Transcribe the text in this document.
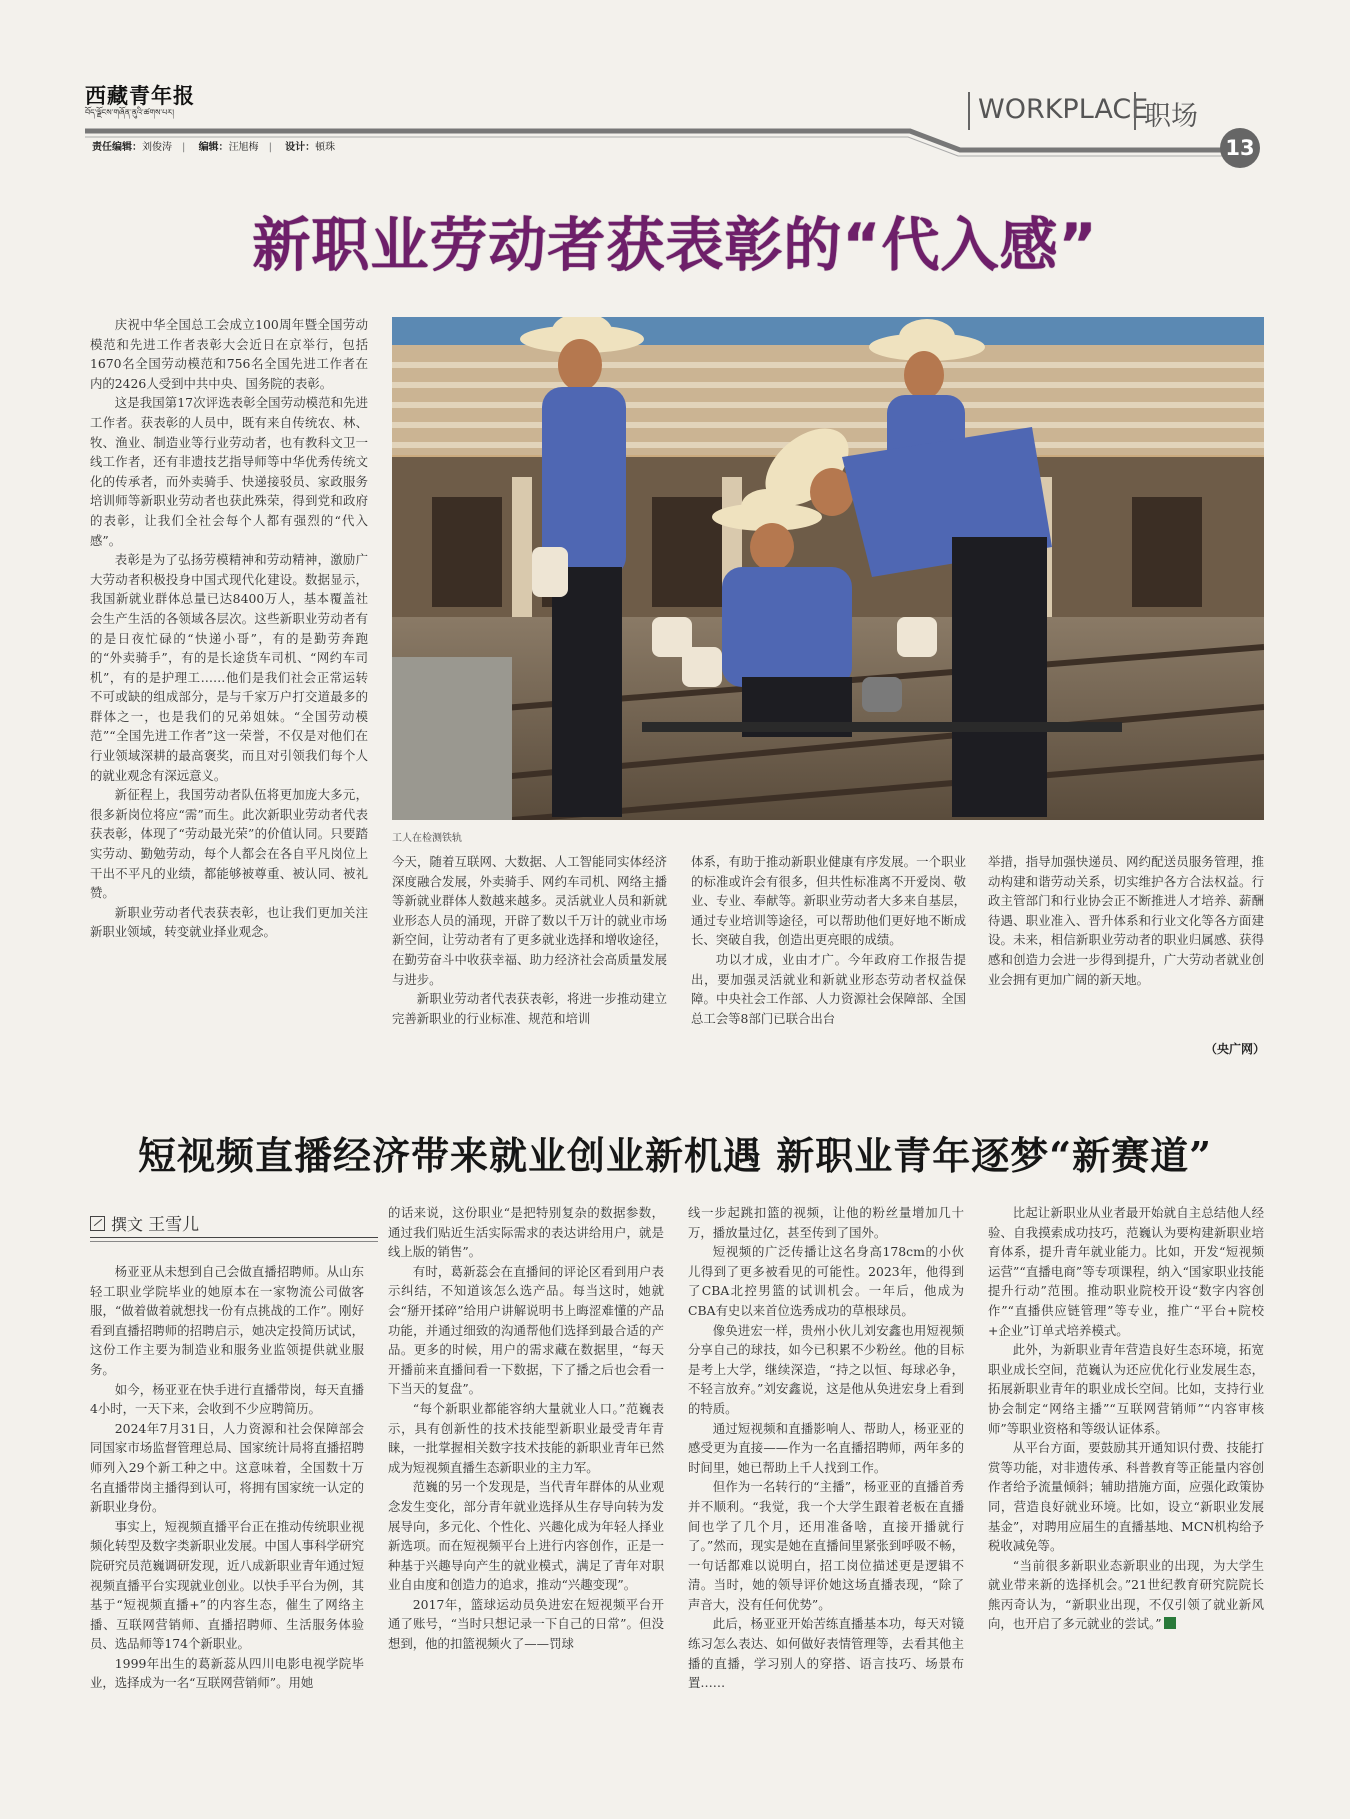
西藏青年报
བོད་ལྗོངས་གཞོན་ནུའི་ཚགས་པར།
责任编辑：刘俊涛 | 编辑：汪旭梅 | 设计：頓珠
WORKPLACE
职场
13
新职业劳动者获表彰的“代入感”

庆祝中华全国总工会成立100周年暨全国劳动模范和先进工作者表彰大会近日在京举行，包括1670名全国劳动模范和756名全国先进工作者在内的2426人受到中共中央、国务院的表彰。

这是我国第17次评选表彰全国劳动模范和先进工作者。获表彰的人员中，既有来自传统农、林、牧、渔业、制造业等行业劳动者，也有教科文卫一线工作者，还有非遗技艺指导师等中华优秀传统文化的传承者，而外卖骑手、快递接驳员、家政服务培训师等新职业劳动者也获此殊荣，得到党和政府的表彰，让我们全社会每个人都有强烈的“代入感”。

表彰是为了弘扬劳模精神和劳动精神，激励广大劳动者积极投身中国式现代化建设。数据显示，我国新就业群体总量已达8400万人，基本覆盖社会生产生活的各领域各层次。这些新职业劳动者有的是日夜忙碌的“快递小哥”，有的是勤劳奔跑的“外卖骑手”，有的是长途货车司机、“网约车司机”，有的是护理工……他们是我们社会正常运转不可或缺的组成部分，是与千家万户打交道最多的群体之一，也是我们的兄弟姐妹。“全国劳动模范”“全国先进工作者”这一荣誉，不仅是对他们在行业领域深耕的最高褒奖，而且对引领我们每个人的就业观念有深远意义。

新征程上，我国劳动者队伍将更加庞大多元，很多新岗位将应“需”而生。此次新职业劳动者代表获表彰，体现了“劳动最光荣”的价值认同。只要踏实劳动、勤勉劳动，每个人都会在各自平凡岗位上干出不平凡的业绩，都能够被尊重、被认同、被礼赞。

新职业劳动者代表获表彰，也让我们更加关注新职业领域，转变就业择业观念。

工人在检测铁轨

今天，随着互联网、大数据、人工智能同实体经济深度融合发展，外卖骑手、网约车司机、网络主播等新就业群体人数越来越多。灵活就业人员和新就业形态人员的涌现，开辟了数以千万计的就业市场新空间，让劳动者有了更多就业选择和增收途径，在勤劳奋斗中收获幸福、助力经济社会高质量发展与进步。

新职业劳动者代表获表彰，将进一步推动建立完善新职业的行业标准、规范和培训

体系，有助于推动新职业健康有序发展。一个职业的标准或许会有很多，但共性标准离不开爱岗、敬业、专业、奉献等。新职业劳动者大多来自基层，通过专业培训等途径，可以帮助他们更好地不断成长、突破自我，创造出更亮眼的成绩。

功以才成，业由才广。今年政府工作报告提出，要加强灵活就业和新就业形态劳动者权益保障。中央社会工作部、人力资源社会保障部、全国总工会等8部门已联合出台

举措，指导加强快递员、网约配送员服务管理，推动构建和谐劳动关系，切实维护各方合法权益。行政主管部门和行业协会正不断推进人才培养、薪酬待遇、职业准入、晋升体系和行业文化等各方面建设。未来，相信新职业劳动者的职业归属感、获得感和创造力会进一步得到提升，广大劳动者就业创业会拥有更加广阔的新天地。

（央广网）
短视频直播经济带来就业创业新机遇 新职业青年逐梦“新赛道”
撰文 王雪儿

杨亚亚从未想到自己会做直播招聘师。从山东轻工职业学院毕业的她原本在一家物流公司做客服，“做着做着就想找一份有点挑战的工作”。刚好看到直播招聘师的招聘启示，她决定投简历试试，这份工作主要为制造业和服务业监领提供就业服务。

如今，杨亚亚在快手进行直播带岗，每天直播4小时，一天下来，会收到不少应聘简历。

2024年7月31日，人力资源和社会保障部会同国家市场监督管理总局、国家统计局将直播招聘师列入29个新工种之中。这意味着，全国数十万名直播带岗主播得到认可，将拥有国家统一认定的新职业身份。

事实上，短视频直播平台正在推动传统职业视频化转型及数字类新职业发展。中国人事科学研究院研究员范巍调研发现，近八成新职业青年通过短视频直播平台实现就业创业。以快手平台为例，其基于“短视频直播+”的内容生态，催生了网络主播、互联网营销师、直播招聘师、生活服务体验员、选品师等174个新职业。

1999年出生的葛新蕊从四川电影电视学院毕业，选择成为一名“互联网营销师”。用她

的话来说，这份职业“是把特别复杂的数据参数，通过我们贴近生活实际需求的表达讲给用户，就是线上版的销售”。

有时，葛新蕊会在直播间的评论区看到用户表示纠结，不知道该怎么选产品。每当这时，她就会“掰开揉碎”给用户讲解说明书上晦涩难懂的产品功能，并通过细致的沟通帮他们选择到最合适的产品。更多的时候，用户的需求藏在数据里，“每天开播前来直播间看一下数据，下了播之后也会看一下当天的复盘”。

“每个新职业都能容纳大量就业人口。”范巍表示，具有创新性的技术技能型新职业最受青年青睐，一批掌握相关数字技术技能的新职业青年已然成为短视频直播生态新职业的主力军。

范巍的另一个发现是，当代青年群体的从业观念发生变化，部分青年就业选择从生存导向转为发展导向，多元化、个性化、兴趣化成为年轻人择业新选项。而在短视频平台上进行内容创作，正是一种基于兴趣导向产生的就业模式，满足了青年对职业自由度和创造力的追求，推动“兴趣变现”。

2017年，篮球运动员奂进宏在短视频平台开通了账号，“当时只想记录一下自己的日常”。但没想到，他的扣篮视频火了——罚球

线一步起跳扣篮的视频，让他的粉丝量增加几十万，播放量过亿，甚至传到了国外。

短视频的广泛传播让这名身高178cm的小伙儿得到了更多被看见的可能性。2023年，他得到了CBA北控男篮的试训机会。一年后，他成为CBA有史以来首位选秀成功的草根球员。

像奂进宏一样，贵州小伙儿刘安鑫也用短视频分享自己的球技，如今已积累不少粉丝。他的目标是考上大学，继续深造，“持之以恒、每球必争，不轻言放弃。”刘安鑫说，这是他从奂进宏身上看到的特质。

通过短视频和直播影响人、帮助人，杨亚亚的感受更为直接——作为一名直播招聘师，两年多的时间里，她已帮助上千人找到工作。

但作为一名转行的“主播”，杨亚亚的直播首秀并不顺利。“我觉，我一个大学生跟着老板在直播间也学了几个月，还用准备啥，直接开播就行了。”然而，现实是她在直播间里紧张到呼吸不畅，一句话都难以说明白，招工岗位描述更是逻辑不清。当时，她的领导评价她这场直播表现，“除了声音大，没有任何优势”。

此后，杨亚亚开始苦练直播基本功，每天对镜练习怎么表达、如何做好表情管理等，去看其他主播的直播，学习别人的穿搭、语言技巧、场景布置……

比起让新职业从业者最开始就自主总结他人经验、自我摸索成功技巧，范巍认为要构建新职业培育体系，提升青年就业能力。比如，开发“短视频运营”“直播电商”等专项课程，纳入“国家职业技能提升行动”范围。推动职业院校开设“数字内容创作”“直播供应链管理”等专业，推广“平台+院校+企业”订单式培养模式。

此外，为新职业青年营造良好生态环境，拓宽职业成长空间，范巍认为还应优化行业发展生态，拓展新职业青年的职业成长空间。比如，支持行业协会制定“网络主播”“互联网营销师”“内容审核师”等职业资格和等级认证体系。

从平台方面，要鼓励其开通知识付费、技能打赏等功能，对非遗传承、科普教育等正能量内容创作者给予流量倾斜；辅助措施方面，应强化政策协同，营造良好就业环境。比如，设立“新职业发展基金”，对聘用应届生的直播基地、MCN机构给予税收减免等。

“当前很多新职业态新职业的出现，为大学生就业带来新的选择机会。”21世纪教育研究院院长熊丙奇认为，“新职业出现，不仅引领了就业新风向，也开启了多元就业的尝试。”
